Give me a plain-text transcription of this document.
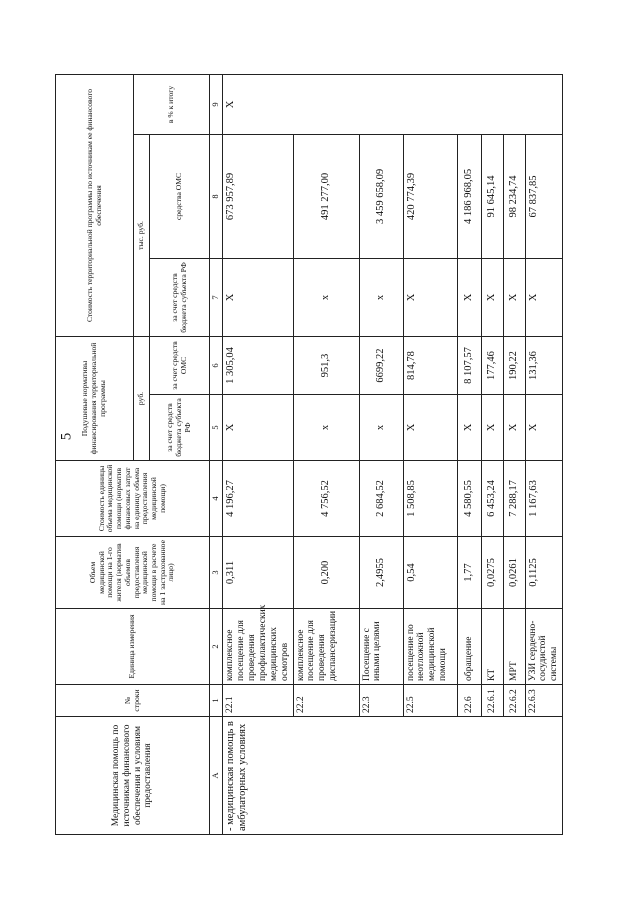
5
Медицинская помощь по источникам финансового обеспечения и условиям предоставления	№ строки	Единица измерения	Объем медицинской помощи на 1-го жителя (норматив объемов предоставления медицинской помощи в расчете на 1 застрахованное лицо)	Стоимость единицы объема медицинской помощи (норматив финансовых затрат на единицу объема предоставления медицинской помощи)	Подушевые нормативы финансирования территориальной программы		Стоимость территориальной программы по источникам ее финансового обеспечения		
					руб.		тыс. руб.		в % к итогу
					за счет средств бюджета субъекта РФ	за счет средств ОМС	за счет средств бюджета субъекта РФ	средства ОМС	
А	1	2	3	4	5	6	7	8	9
- медицинская помощь в амбулаторных условиях	22.1	комплексное посещение для проведения профилактических медицинских осмотров	0,311	4 196,27	X	1 305,04	X	673 957,89	X
	22.2	комплексное посещение для проведения диспансеризации	0,200	4 756,52	x	951,3	x	491 277,00	
	22.3	Посещение с иными целями	2,4955	2 684,52	x	6699,22	x	3 459 658,09	
	22.5	посещение по неотложной медицинской помощи	0,54	1 508,85	X	814,78	X	420 774,39	
	22.6	обращение	1,77	4 580,55	X	8 107,57	X	4 186 968,05	
	22.6.1	КТ	0,0275	6 453,24	X	177,46	X	91 645,14	
	22.6.2	МРТ	0,0261	7 288,17	X	190,22	X	98 234,74	
	22.6.3	УЗИ сердечно-сосудистой системы	0,1125	1 167,63	X	131,36	X	67 837,85	
